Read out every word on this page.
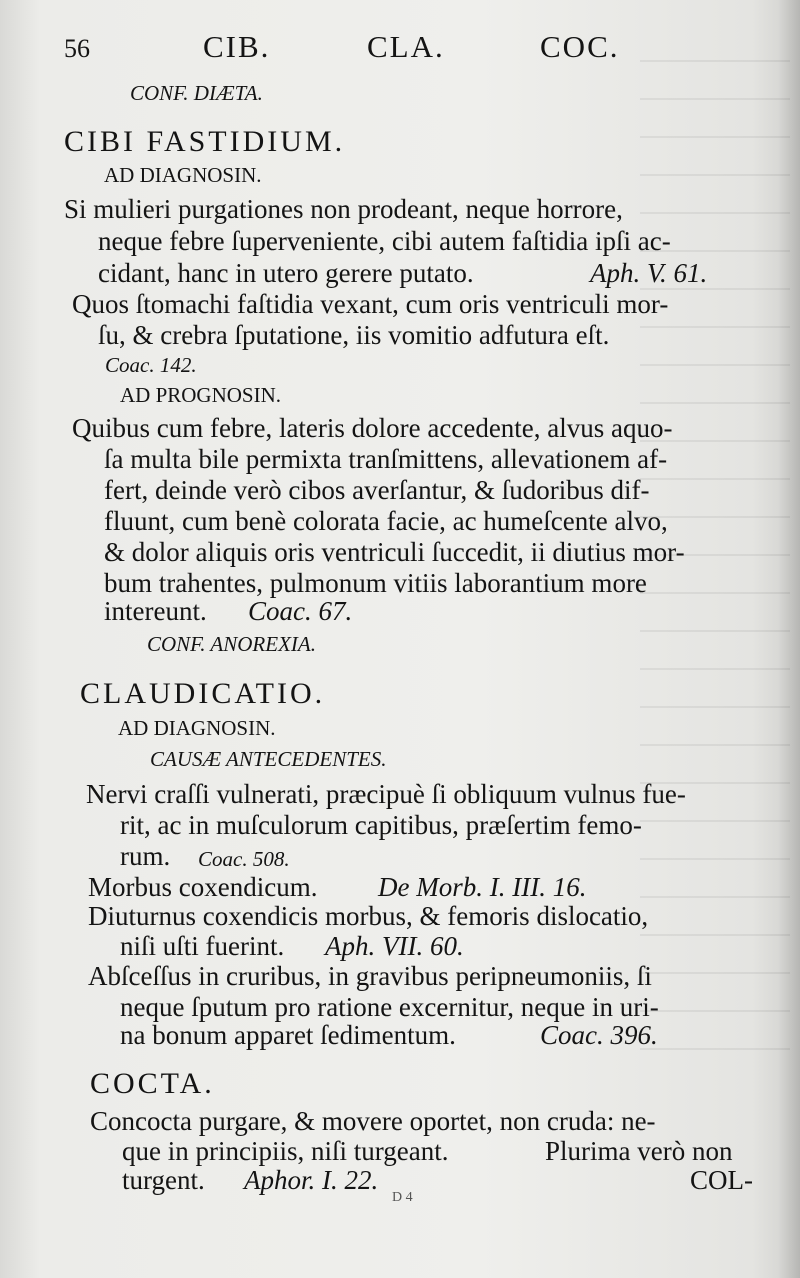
56	CIB.	CLA.	COC.
CONF. DIÆTA.
CIBI FASTIDIUM.
AD DIAGNOSIN.
Si mulieri purgationes non prodeant, neque horrore,
neque febre ſuperveniente, cibi autem faſtidia ipſi ac-
cidant, hanc in utero gerere putato.	Aph. V. 61.
Quos ſtomachi faſtidia vexant, cum oris ventriculi mor-
ſu, & crebra ſputatione, iis vomitio adfutura eſt.
Coac. 142.
AD PROGNOSIN.
Quibus cum febre, lateris dolore accedente, alvus aquo-
ſa multa bile permixta tranſmittens, allevationem af-
fert, deinde verò cibos averſantur, & ſudoribus dif-
fluunt, cum benè colorata facie, ac humeſcente alvo,
& dolor aliquis oris ventriculi ſuccedit, ii diutius mor-
bum trahentes, pulmonum vitiis laborantium more
intereunt. Coac. 67.
CONF. ANOREXIA.
CLAUDICATIO.
AD DIAGNOSIN.
CAUSÆ ANTECEDENTES.
Nervi craſſi vulnerati, præcipuè ſi obliquum vulnus fue-
rit, ac in muſculorum capitibus, præſertim femo-
rum. Coac. 508.
Morbus coxendicum. De Morb. I. III. 16.
Diuturnus coxendicis morbus, & femoris dislocatio,
niſi uſti fuerint. Aph. VII. 60.
Abſceſſus in cruribus, in gravibus peripneumoniis, ſi
neque ſputum pro ratione excernitur, neque in uri-
na bonum apparet ſedimentum.	Coac. 396.
COCTA.
Concocta purgare, & movere oportet, non cruda: ne-
que in principiis, niſi turgeant.	Plurima verò non
turgent. Aphor. I. 22.	COL-
D 4
